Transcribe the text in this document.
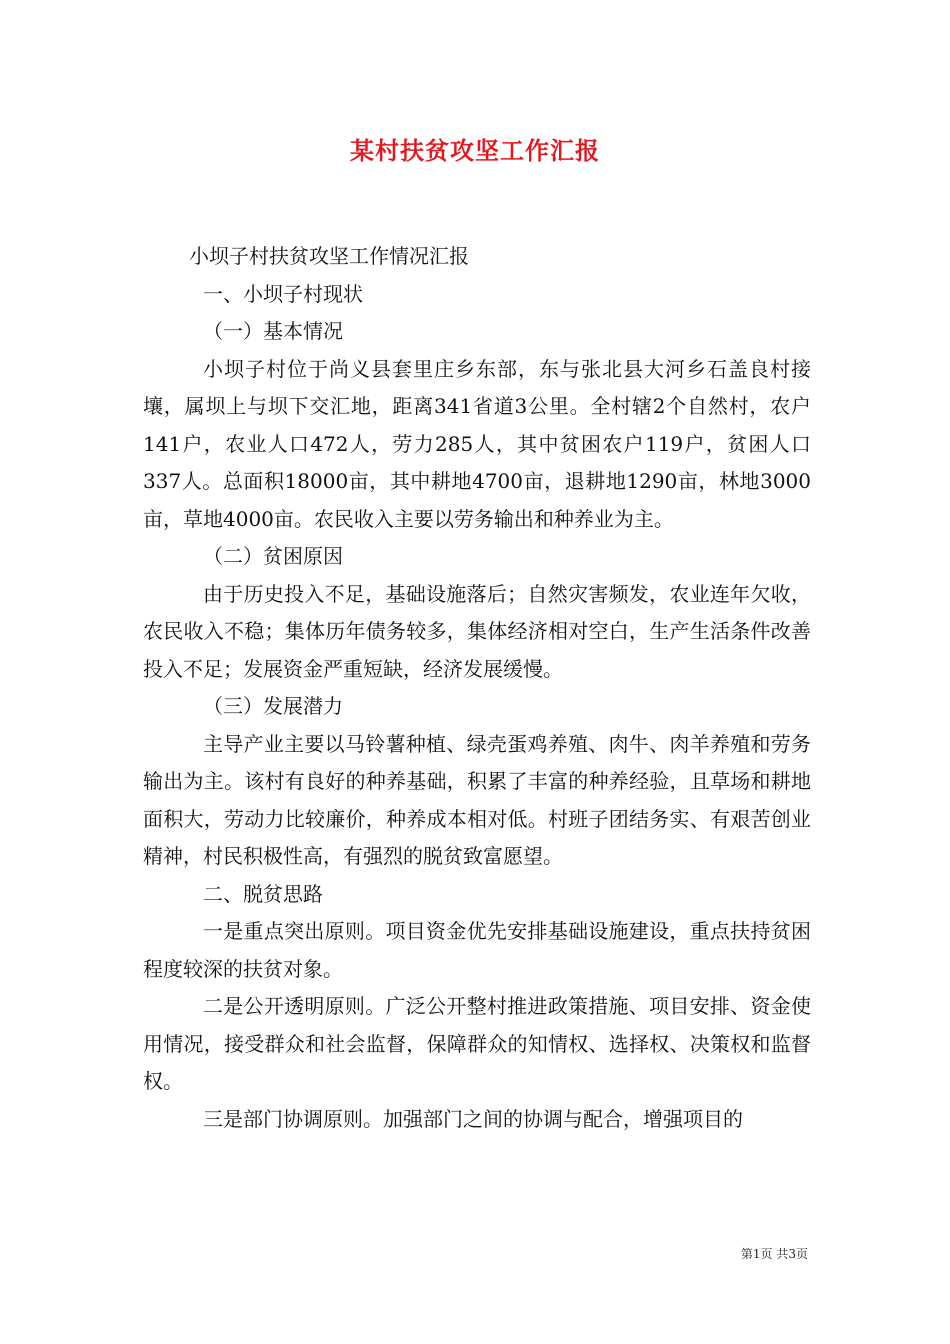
某村扶贫攻坚工作汇报

小坝子村扶贫攻坚工作情况汇报

一、小坝子村现状

（一）基本情况

小坝子村位于尚义县套里庄乡东部，东与张北县大河乡石盖良村接壤，属坝上与坝下交汇地，距离341省道3公里。全村辖2个自然村，农户141户，农业人口472人，劳力285人，其中贫困农户119户，贫困人口337人。总面积18000亩，其中耕地4700亩，退耕地1290亩，林地3000亩，草地4000亩。农民收入主要以劳务输出和种养业为主。

（二）贫困原因

由于历史投入不足，基础设施落后；自然灾害频发，农业连年欠收，农民收入不稳；集体历年债务较多，集体经济相对空白，生产生活条件改善投入不足；发展资金严重短缺，经济发展缓慢。

（三）发展潜力

主导产业主要以马铃薯种植、绿壳蛋鸡养殖、肉牛、肉羊养殖和劳务输出为主。该村有良好的种养基础，积累了丰富的种养经验，且草场和耕地面积大，劳动力比较廉价，种养成本相对低。村班子团结务实、有艰苦创业精神，村民积极性高，有强烈的脱贫致富愿望。

二、脱贫思路

一是重点突出原则。项目资金优先安排基础设施建设，重点扶持贫困程度较深的扶贫对象。

二是公开透明原则。广泛公开整村推进政策措施、项目安排、资金使用情况，接受群众和社会监督，保障群众的知情权、选择权、决策权和监督权。

三是部门协调原则。加强部门之间的协调与配合，增强项目的

第1页 共3页
